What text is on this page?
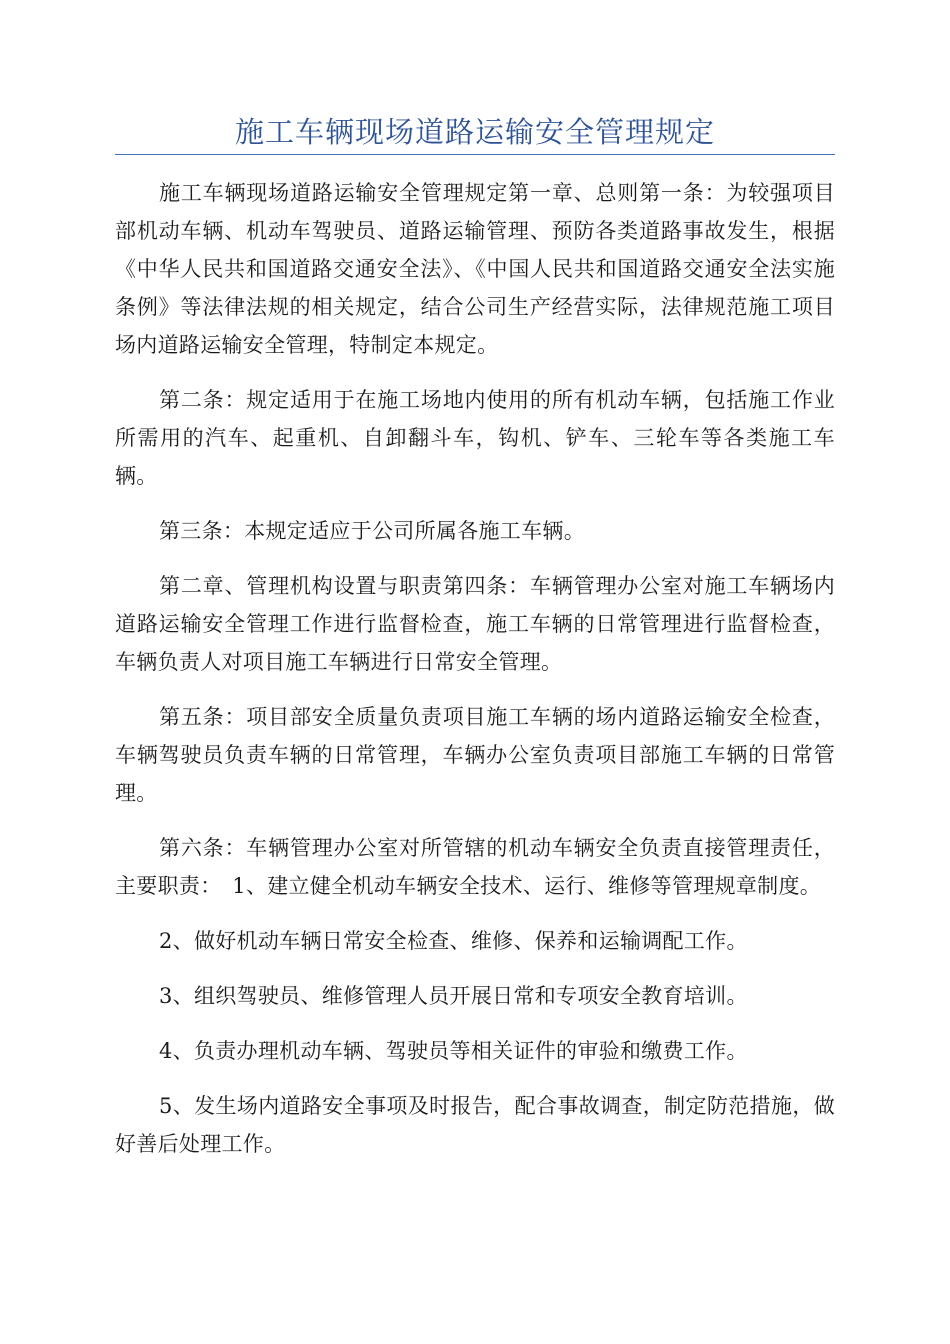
施工车辆现场道路运输安全管理规定

施工车辆现场道路运输安全管理规定第一章、总则第一条：为较强项目部机动车辆、机动车驾驶员、道路运输管理、预防各类道路事故发生，根据《中华人民共和国道路交通安全法》、《中国人民共和国道路交通安全法实施条例》等法律法规的相关规定，结合公司生产经营实际，法律规范施工项目场内道路运输安全管理，特制定本规定。

第二条：规定适用于在施工场地内使用的所有机动车辆，包括施工作业所需用的汽车、起重机、自卸翻斗车，钩机、铲车、三轮车等各类施工车辆。

第三条：本规定适应于公司所属各施工车辆。

第二章、管理机构设置与职责第四条：车辆管理办公室对施工车辆场内道路运输安全管理工作进行监督检查，施工车辆的日常管理进行监督检查，车辆负责人对项目施工车辆进行日常安全管理。

第五条：项目部安全质量负责项目施工车辆的场内道路运输安全检查，车辆驾驶员负责车辆的日常管理，车辆办公室负责项目部施工车辆的日常管理。

第六条：车辆管理办公室对所管辖的机动车辆安全负责直接管理责任，主要职责：　1、建立健全机动车辆安全技术、运行、维修等管理规章制度。

2、做好机动车辆日常安全检查、维修、保养和运输调配工作。

3、组织驾驶员、维修管理人员开展日常和专项安全教育培训。

4、负责办理机动车辆、驾驶员等相关证件的审验和缴费工作。

5、发生场内道路安全事项及时报告，配合事故调查，制定防范措施，做好善后处理工作。
